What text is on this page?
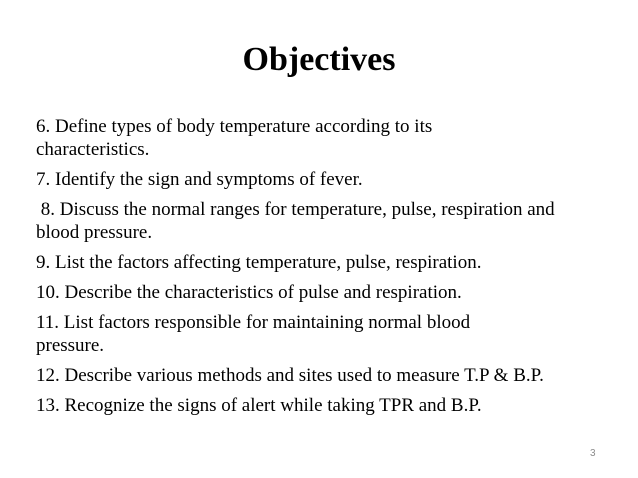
Objectives
6. Define types of body temperature according to its characteristics.
7. Identify the sign and symptoms of fever.
8. Discuss the normal ranges for temperature, pulse, respiration and blood pressure.
9. List the factors affecting temperature, pulse, respiration.
10. Describe the characteristics of pulse and respiration.
11. List factors responsible for maintaining normal blood pressure.
12. Describe various methods and sites used to measure T.P & B.P.
13. Recognize the signs of alert while taking TPR and B.P.
3
